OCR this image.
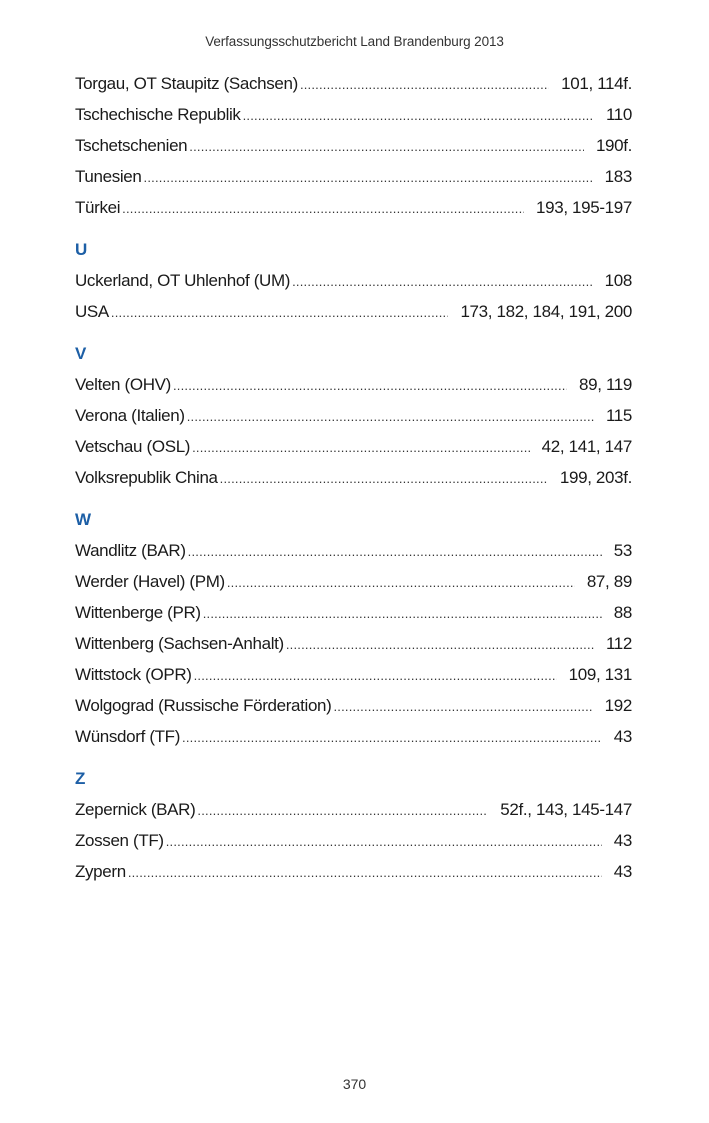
Verfassungsschutzbericht Land Brandenburg 2013
Torgau, OT Staupitz (Sachsen) .....	101, 114f.
Tschechische Republik .....	110
Tschetschenien .....	190f.
Tunesien .....	183
Türkei .....	193, 195-197
U
Uckerland, OT Uhlenhof (UM) .....	108
USA .....	173, 182, 184, 191, 200
V
Velten (OHV) .....	89, 119
Verona (Italien) .....	115
Vetschau (OSL) .....	42, 141, 147
Volksrepublik China .....	199, 203f.
W
Wandlitz (BAR) .....	53
Werder (Havel) (PM) .....	87, 89
Wittenberge (PR) .....	88
Wittenberg (Sachsen-Anhalt) .....	112
Wittstock (OPR) .....	109, 131
Wolgograd (Russische Förderation) .....	192
Wünsdorf (TF) .....	43
Z
Zepernick (BAR) .....	52f., 143, 145-147
Zossen (TF) .....	43
Zypern .....	43
370
